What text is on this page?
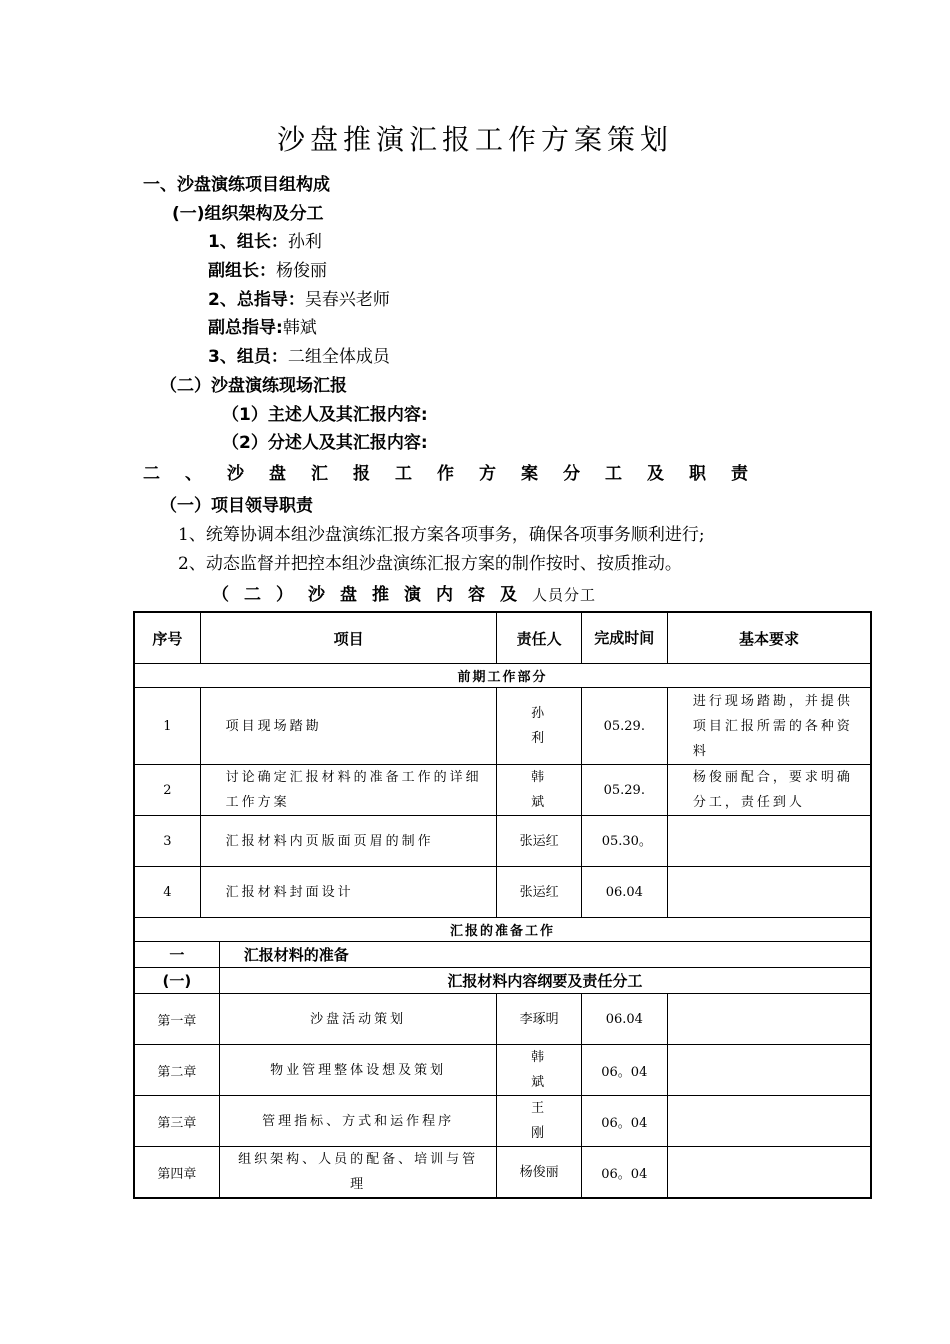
沙盘推演汇报工作方案策划
一、沙盘演练项目组构成
(一)组织架构及分工
1、组长：孙利
副组长：杨俊丽
2、总指导：吴春兴老师
副总指导:韩斌
3、组员：二组全体成员
（二）沙盘演练现场汇报
（1）主述人及其汇报内容:
（2）分述人及其汇报内容:
二、沙盘汇报工作方案分工及职责
（一）项目领导职责
1、统筹协调本组沙盘演练汇报方案各项事务，确保各项事务顺利进行;
2、动态监督并把控本组沙盘演练汇报方案的制作按时、按质推动。
（二）沙盘推演内容及人员分工
序号	项目		责任人	完成时间	基本要求
前期工作部分					
1	项目现场踏勘		孙利	05.29.	进行现场踏勘，并提供项目汇报所需的各种资料
2	讨论确定汇报材料的准备工作的详细工作方案		韩斌	05.29.	杨俊丽配合，要求明确分工，责任到人
3	汇报材料内页版面页眉的制作		张运红	05.30。	
4	汇报材料封面设计		张运红	06.04	
汇报的准备工作					
一		汇报材料的准备			
(一)		汇报材料内容纲要及责任分工			
第一章		沙盘活动策划	李琢明	06.04	
第二章		物业管理整体设想及策划	韩斌	06。04	
第三章		管理指标、方式和运作程序	王刚	06。04	
第四章		组织架构、人员的配备、培训与管理	杨俊丽	06。04	
